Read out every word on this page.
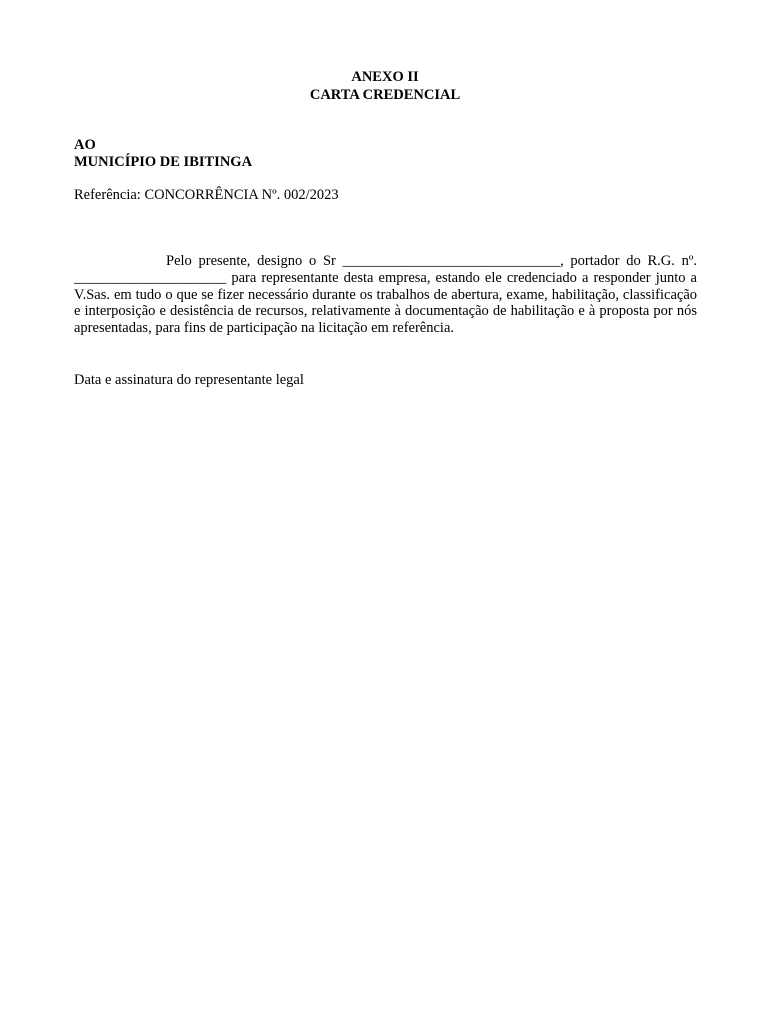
ANEXO II
CARTA CREDENCIAL
AO
MUNICÍPIO DE IBITINGA
Referência: CONCORRÊNCIA Nº. 002/2023

Pelo presente, designo o Sr ______________________________, portador do R.G. nº. _____________________ para representante desta empresa, estando ele credenciado a responder junto a V.Sas. em tudo o que se fizer necessário durante os trabalhos de abertura, exame, habilitação, classificação e interposição e desistência de recursos, relativamente à documentação de habilitação e à proposta por nós apresentadas, para fins de participação na licitação em referência.

Data e assinatura do representante legal
